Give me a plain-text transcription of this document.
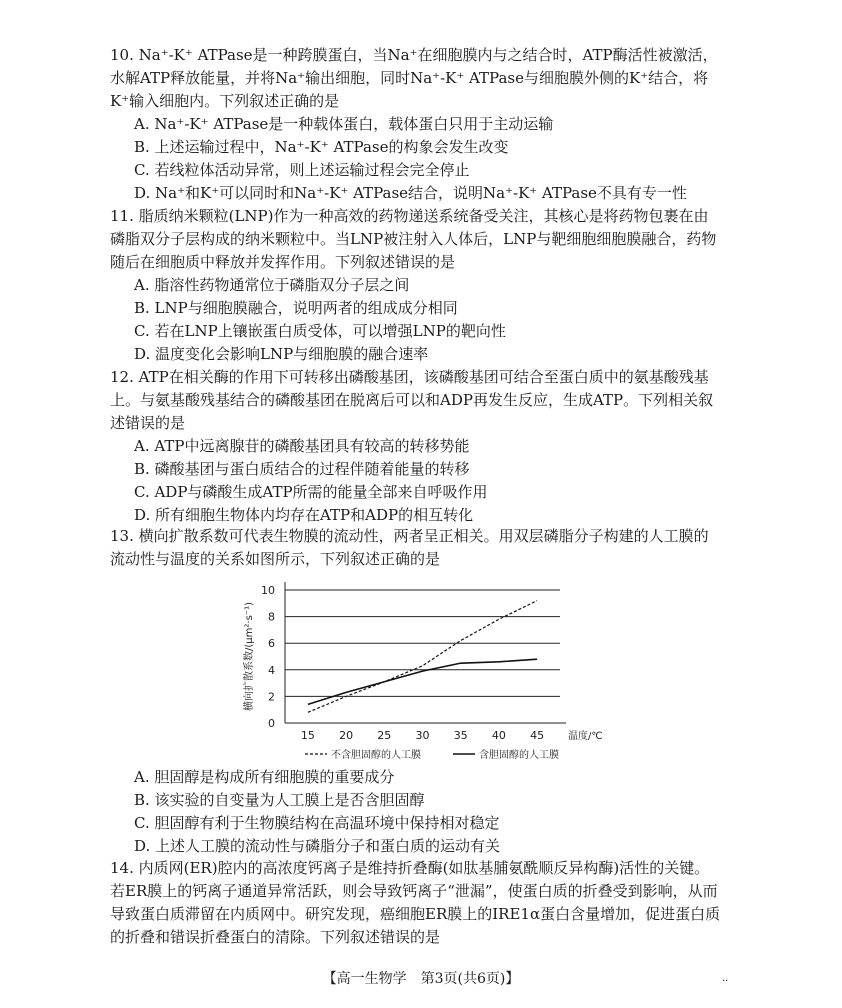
10. Na⁺-K⁺ ATPase是一种跨膜蛋白，当Na⁺在细胞膜内与之结合时，ATP酶活性被激活，水解ATP释放能量，并将Na⁺输出细胞，同时Na⁺-K⁺ ATPase与细胞膜外侧的K⁺结合，将K⁺输入细胞内。下列叙述正确的是
A. Na⁺-K⁺ ATPase是一种载体蛋白，载体蛋白只用于主动运输
B. 上述运输过程中，Na⁺-K⁺ ATPase的构象会发生改变
C. 若线粒体活动异常，则上述运输过程会完全停止
D. Na⁺和K⁺可以同时和Na⁺-K⁺ ATPase结合，说明Na⁺-K⁺ ATPase不具有专一性
11. 脂质纳米颗粒(LNP)作为一种高效的药物递送系统备受关注，其核心是将药物包裹在由磷脂双分子层构成的纳米颗粒中。当LNP被注射入人体后，LNP与靶细胞细胞膜融合，药物随后在细胞质中释放并发挥作用。下列叙述错误的是
A. 脂溶性药物通常位于磷脂双分子层之间
B. LNP与细胞膜融合，说明两者的组成成分相同
C. 若在LNP上镶嵌蛋白质受体，可以增强LNP的靶向性
D. 温度变化会影响LNP与细胞膜的融合速率
12. ATP在相关酶的作用下可转移出磷酸基团，该磷酸基团可结合至蛋白质中的氨基酸残基上。与氨基酸残基结合的磷酸基团在脱离后可以和ADP再发生反应，生成ATP。下列相关叙述错误的是
A. ATP中远离腺苷的磷酸基团具有较高的转移势能
B. 磷酸基团与蛋白质结合的过程伴随着能量的转移
C. ADP与磷酸生成ATP所需的能量全部来自呼吸作用
D. 所有细胞生物体内均存在ATP和ADP的相互转化
13. 横向扩散系数可代表生物膜的流动性，两者呈正相关。用双层磷脂分子构建的人工膜的流动性与温度的关系如图所示，下列叙述正确的是
0
2
4
6
8
10
15 20 25 30 35 40 45 温度/℃
横向扩散系数/(μm²·s⁻¹)
不含胆固醇的人工膜	含胆固醇的人工膜
A. 胆固醇是构成所有细胞膜的重要成分
B. 该实验的自变量为人工膜上是否含胆固醇
C. 胆固醇有利于生物膜结构在高温环境中保持相对稳定
D. 上述人工膜的流动性与磷脂分子和蛋白质的运动有关
14. 内质网(ER)腔内的高浓度钙离子是维持折叠酶(如肽基脯氨酰顺反异构酶)活性的关键。若ER膜上的钙离子通道异常活跃，则会导致钙离子“泄漏”，使蛋白质的折叠受到影响，从而导致蛋白质滞留在内质网中。研究发现，癌细胞ER膜上的IRE1α蛋白含量增加，促进蛋白质的折叠和错误折叠蛋白的清除。下列叙述错误的是
【高一生物学　第3页(共6页)】	··
